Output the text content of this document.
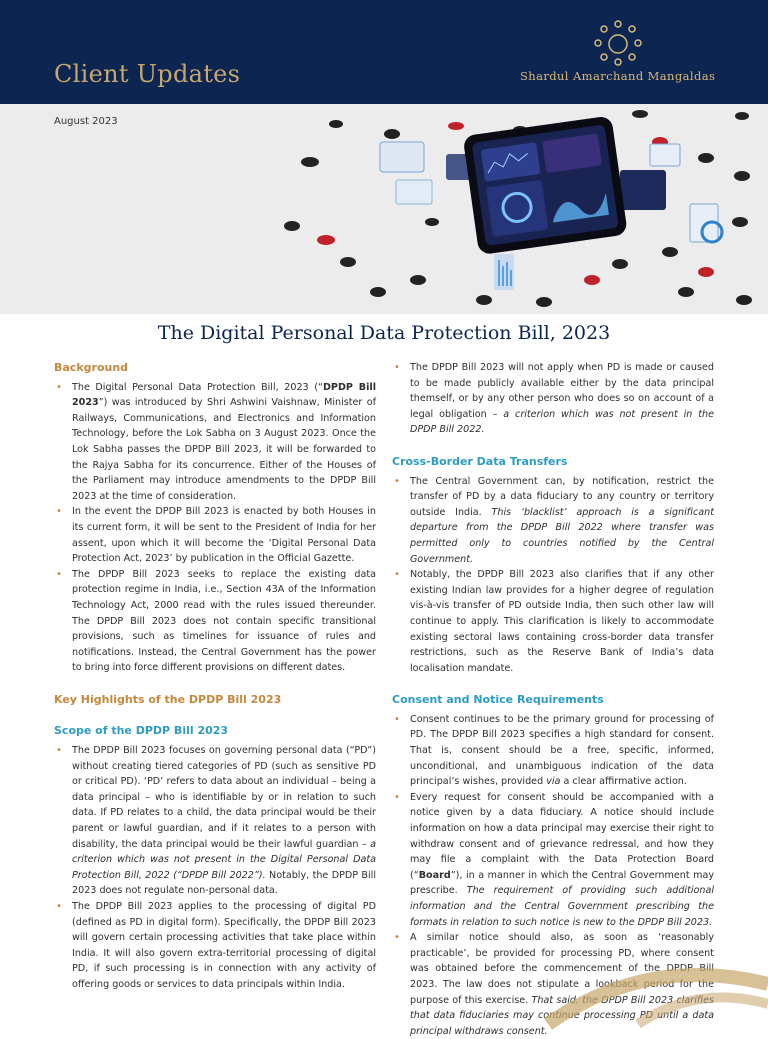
Client Updates	Shardul Amarchand Mangaldas
August 2023
The Digital Personal Data Protection Bill, 2023
Background
• The Digital Personal Data Protection Bill, 2023 (“DPDP Bill 2023”) was introduced by Shri Ashwini Vaishnaw, Minister of Railways, Communications, and Electronics and Information Technology, before the Lok Sabha on 3 August 2023. Once the Lok Sabha passes the DPDP Bill 2023, it will be forwarded to the Rajya Sabha for its concurrence. Either of the Houses of the Parliament may introduce amendments to the DPDP Bill 2023 at the time of consideration.
• In the event the DPDP Bill 2023 is enacted by both Houses in its current form, it will be sent to the President of India for her assent, upon which it will become the ‘Digital Personal Data Protection Act, 2023’ by publication in the Official Gazette.
• The DPDP Bill 2023 seeks to replace the existing data protection regime in India, i.e., Section 43A of the Information Technology Act, 2000 read with the rules issued thereunder. The DPDP Bill 2023 does not contain specific transitional provisions, such as timelines for issuance of rules and notifications. Instead, the Central Government has the power to bring into force different provisions on different dates.
Key Highlights of the DPDP Bill 2023
Scope of the DPDP Bill 2023
• The DPDP Bill 2023 focuses on governing personal data (“PD”) without creating tiered categories of PD (such as sensitive PD or critical PD). ‘PD’ refers to data about an individual – being a data principal – who is identifiable by or in relation to such data. If PD relates to a child, the data principal would be their parent or lawful guardian, and if it relates to a person with disability, the data principal would be their lawful guardian – a criterion which was not present in the Digital Personal Data Protection Bill, 2022 (“DPDP Bill 2022”). Notably, the DPDP Bill 2023 does not regulate non-personal data.
• The DPDP Bill 2023 applies to the processing of digital PD (defined as PD in digital form). Specifically, the DPDP Bill 2023 will govern certain processing activities that take place within India. It will also govern extra-territorial processing of digital PD, if such processing is in connection with any activity of offering goods or services to data principals within India.
• The DPDP Bill 2023 will not apply when PD is made or caused to be made publicly available either by the data principal themself, or by any other person who does so on account of a legal obligation – a criterion which was not present in the DPDP Bill 2022.
Cross-Border Data Transfers
• The Central Government can, by notification, restrict the transfer of PD by a data fiduciary to any country or territory outside India. This ‘blacklist’ approach is a significant departure from the DPDP Bill 2022 where transfer was permitted only to countries notified by the Central Government.
• Notably, the DPDP Bill 2023 also clarifies that if any other existing Indian law provides for a higher degree of regulation vis-à-vis transfer of PD outside India, then such other law will continue to apply. This clarification is likely to accommodate existing sectoral laws containing cross-border data transfer restrictions, such as the Reserve Bank of India’s data localisation mandate.
Consent and Notice Requirements
• Consent continues to be the primary ground for processing of PD. The DPDP Bill 2023 specifies a high standard for consent. That is, consent should be a free, specific, informed, unconditional, and unambiguous indication of the data principal’s wishes, provided via a clear affirmative action.
• Every request for consent should be accompanied with a notice given by a data fiduciary. A notice should include information on how a data principal may exercise their right to withdraw consent and of grievance redressal, and how they may file a complaint with the Data Protection Board (“Board”), in a manner in which the Central Government may prescribe. The requirement of providing such additional information and the Central Government prescribing the formats in relation to such notice is new to the DPDP Bill 2023.
• A similar notice should also, as soon as ‘reasonably practicable’, be provided for processing PD, where consent was obtained before the commencement of the DPDP Bill 2023. The law does not stipulate a lookback period for the purpose of this exercise. That said, the DPDP Bill 2023 clarifies that data fiduciaries may continue processing PD until a data principal withdraws consent.
